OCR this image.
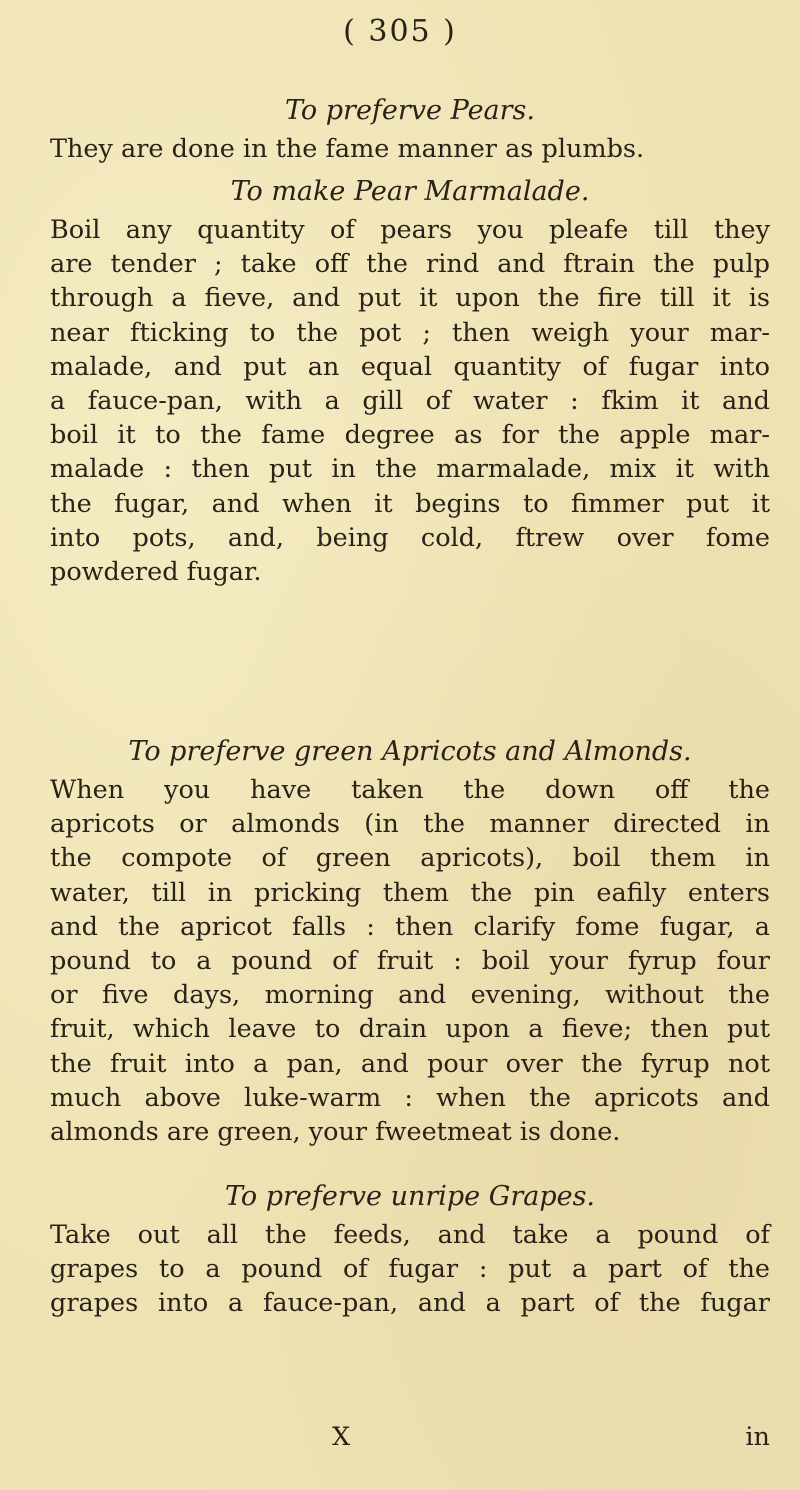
( 305 )
To preferve Pears.
They are done in the fame manner as plumbs.
To make Pear Marmalade.
Boil any quantity of pears you pleafe till they
are tender ; take off the rind and ftrain the pulp
through a fieve, and put it upon the fire till it is
near fticking to the pot ; then weigh your mar-
malade, and put an equal quantity of fugar into
a fauce-pan, with a gill of water : fkim it and
boil it to the fame degree as for the apple mar-
malade : then put in the marmalade, mix it with
the fugar, and when it begins to fimmer put it
into pots, and, being cold, ftrew over fome
powdered fugar.
To preferve green Apricots and Almonds.
When you have taken the down off the
apricots or almonds (in the manner directed in
the compote of green apricots), boil them in
water, till in pricking them the pin eafily enters
and the apricot falls : then clarify fome fugar, a
pound to a pound of fruit : boil your fyrup four
or five days, morning and evening, without the
fruit, which leave to drain upon a fieve; then put
the fruit into a pan, and pour over the fyrup not
much above luke-warm : when the apricots and
almonds are green, your fweetmeat is done.
To preferve unripe Grapes.
Take out all the feeds, and take a pound of
grapes to a pound of fugar : put a part of the
grapes into a fauce-pan, and a part of the fugar
X	in
